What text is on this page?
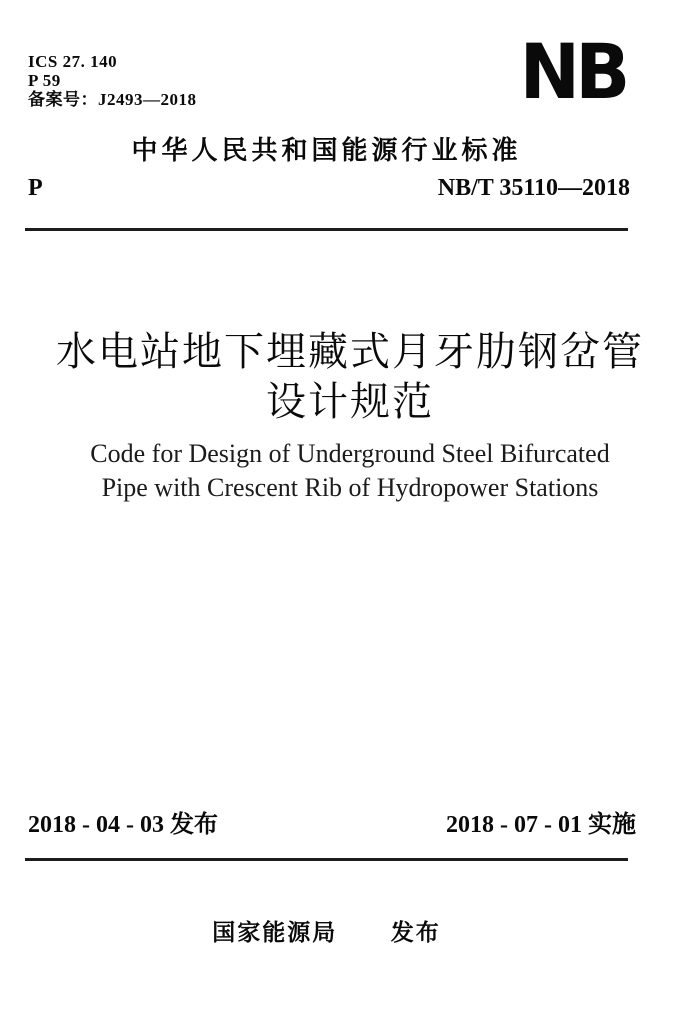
ICS 27. 140
P 59
备案号：J2493—2018	NB
中华人民共和国能源行业标准
P	NB/T 35110—2018
水电站地下埋藏式月牙肋钢岔管
设计规范
Code for Design of Underground Steel Bifurcated
Pipe with Crescent Rib of Hydropower Stations
2018 - 04 - 03 发布	2018 - 07 - 01 实施
国家能源局 发布
